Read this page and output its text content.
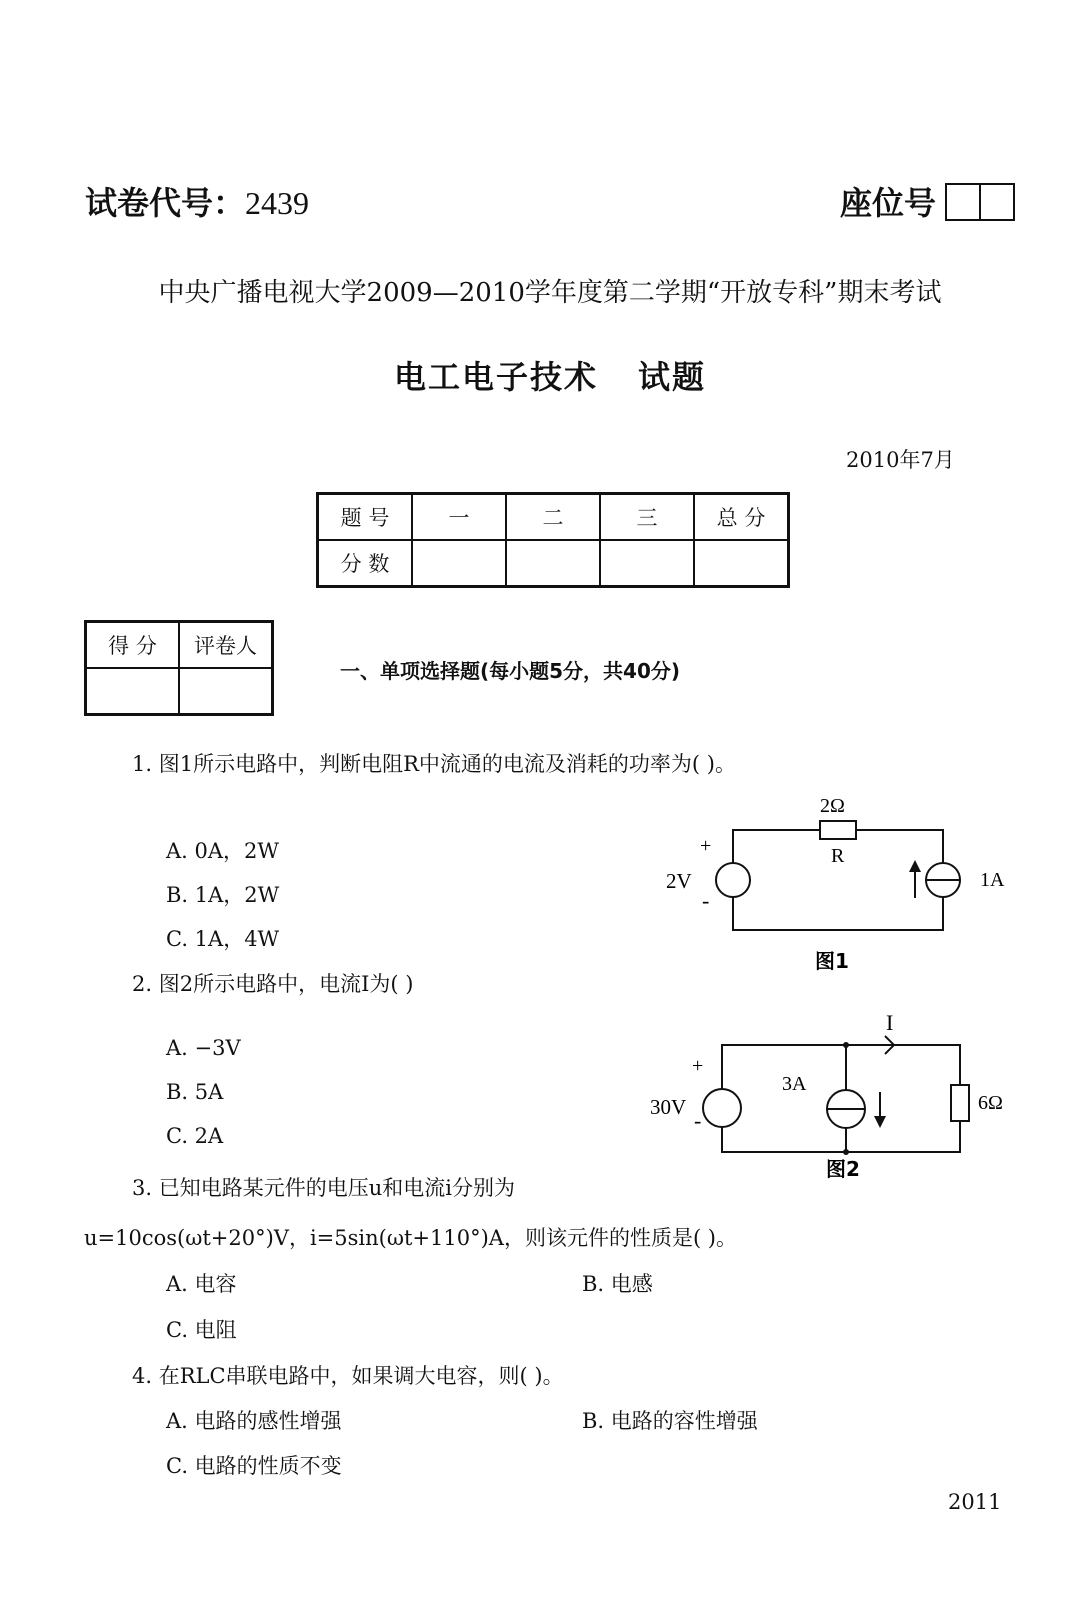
试卷代号：2439	座位号
中央广播电视大学2009—2010学年度第二学期“开放专科”期末考试
电工电子技术 试题
2010年7月
题 号	一	二	三	总 分
分 数				
得 分	评卷人

一、单项选择题(每小题5分，共40分)
1. 图1所示电路中，判断电阻R中流通的电流及消耗的功率为( )。
A. 0A，2W
B. 1A，2W
C. 1A，4W
2Ω
R
+
-
2V	1A
图1
2. 图2所示电路中，电流I为( )
A. −3V
B. 5A
C. 2A
I
+
-
30V
3A
6Ω
图2
3. 已知电路某元件的电压u和电流i分别为
u=10cos(ωt+20°)V，i=5sin(ωt+110°)A，则该元件的性质是( )。
A. 电容	B. 电感
C. 电阻
4. 在RLC串联电路中，如果调大电容，则( )。
A. 电路的感性增强	B. 电路的容性增强
C. 电路的性质不变
2011
